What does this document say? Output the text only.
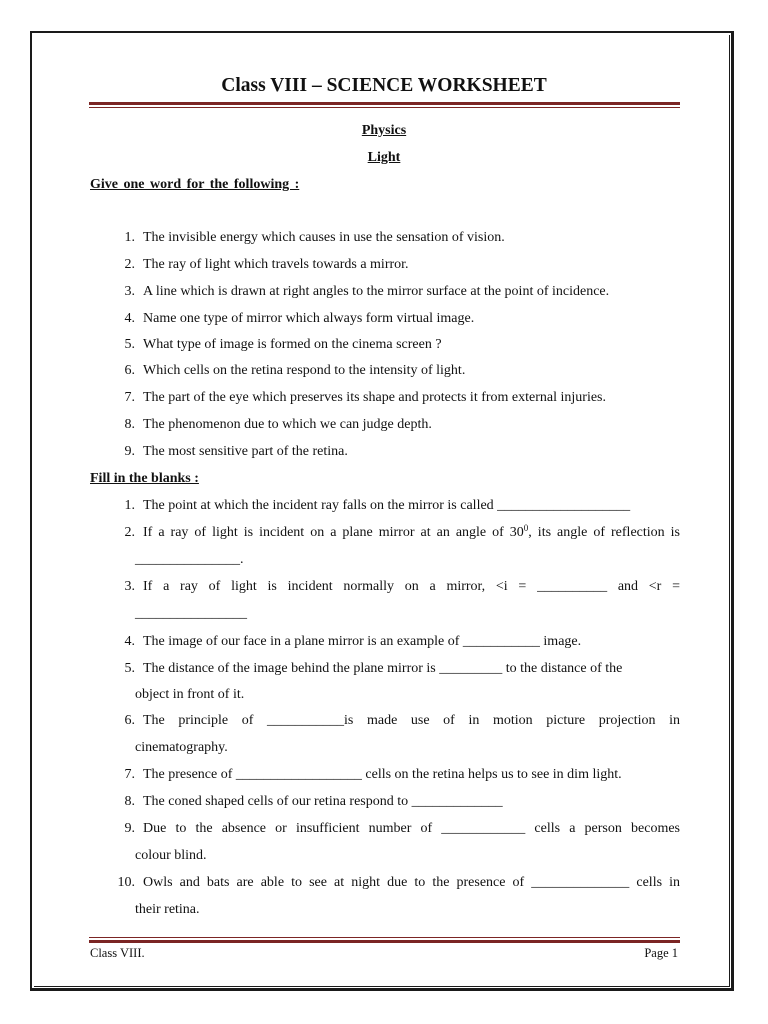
Class VIII – SCIENCE WORKSHEET
Physics
Light
Give one word for the following :
1. The invisible energy which causes in use the sensation of vision.
2. The ray of light which travels towards a mirror.
3. A line which is drawn at right angles to the mirror surface at the point of incidence.
4. Name one type of mirror which always form virtual image.
5. What type of image is formed on the cinema screen ?
6. Which cells on the retina respond to the intensity of light.
7. The part of the eye which preserves its shape and protects it from external injuries.
8. The phenomenon due to which we can judge depth.
9. The most sensitive part of the retina.
Fill in the blanks :
1. The point at which the incident ray falls on the mirror is called ___________________
2. If a ray of light is incident on a plane mirror at an angle of $30^0$, its angle of reflection is
_______________.
3. If a ray of light is incident normally on a mirror, <i = __________ and <r =
________________
4. The image of our face in a plane mirror is an example of ___________ image.
5. The distance of the image behind the plane mirror is _________ to the distance of the
object in front of it.
6. The principle of ___________is made use of in motion picture projection in
cinematography.
7. The presence of __________________ cells on the retina helps us to see in dim light.
8. The coned shaped cells of our retina respond to _____________
9. Due to the absence or insufficient number of ____________ cells a person becomes
colour blind.
10. Owls and bats are able to see at night due to the presence of ______________ cells in
their retina.
Class VIII.	Page 1
